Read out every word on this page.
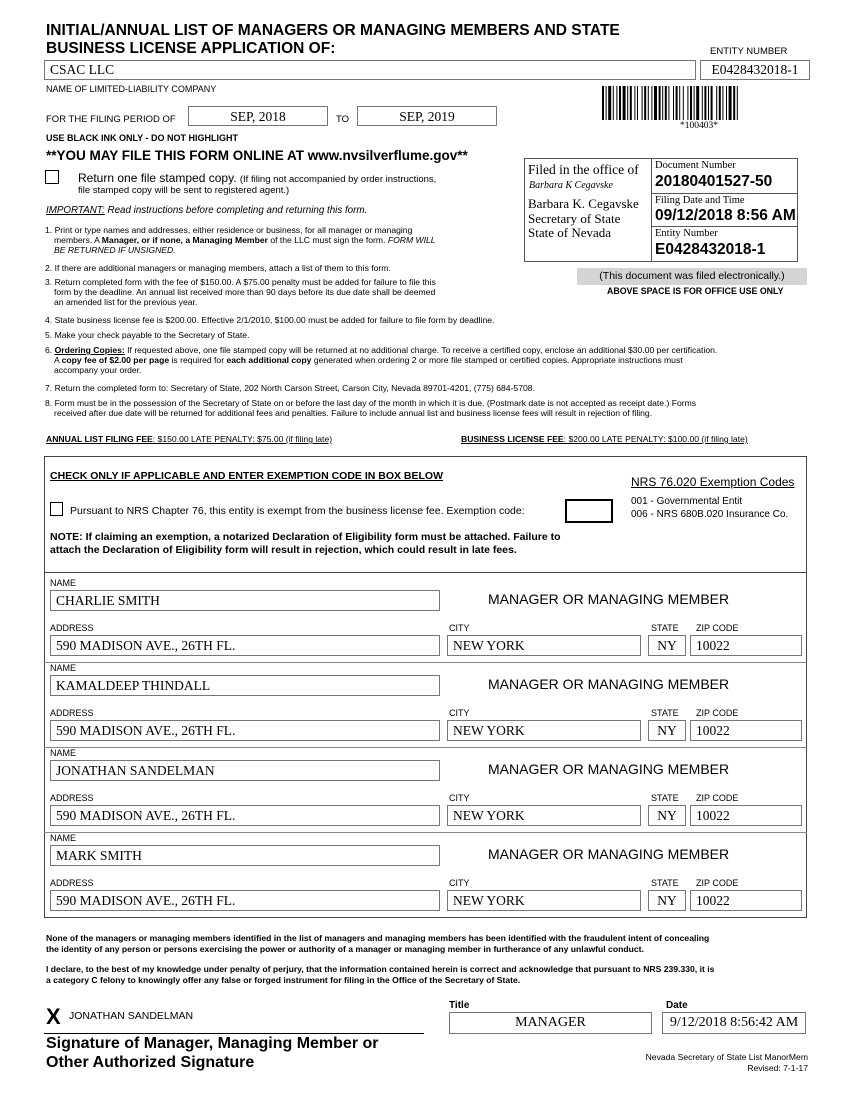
INITIAL/ANNUAL LIST OF MANAGERS OR MANAGING MEMBERS AND STATE
BUSINESS LICENSE APPLICATION OF:	ENTITY NUMBER
CSAC LLC	E0428432018-1
NAME OF LIMITED-LIABILITY COMPANY
FOR THE FILING PERIOD OF	SEP, 2018	TO	SEP, 2019
*100403*
USE BLACK INK ONLY - DO NOT HIGHLIGHT
**YOU MAY FILE THIS FORM ONLINE AT www.nvsilverflume.gov**
Return one file stamped copy. (If filing not accompanied by order instructions,
file stamped copy will be sent to registered agent.)
IMPORTANT: Read instructions before completing and returning this form.
Filed in the office of
Barbara K Cegavske
Barbara K. Cegavske
Secretary of State
State of Nevada
Document Number
20180401527-50
Filing Date and Time
09/12/2018 8:56 AM
Entity Number
E0428432018-1
(This document was filed electronically.)
ABOVE SPACE IS FOR OFFICE USE ONLY
1. Print or type names and addresses, either residence or business, for all manager or managing
members. A Manager, or if none, a Managing Member of the LLC must sign the form. FORM WILL
BE RETURNED IF UNSIGNED.
2. If there are additional managers or managing members, attach a list of them to this form.
3. Return completed form with the fee of $150.00. A $75.00 penalty must be added for failure to file this
form by the deadline. An annual list received more than 90 days before its due date shall be deemed
an amended list for the previous year.
4. State business license fee is $200.00. Effective 2/1/2010, $100.00 must be added for failure to file form by deadline.
5. Make your check payable to the Secretary of State.
6. Ordering Copies: If requested above, one file stamped copy will be returned at no additional charge. To receive a certified copy, enclose an additional $30.00 per certification.
A copy fee of $2.00 per page is required for each additional copy generated when ordering 2 or more file stamped or certified copies. Appropriate instructions must
accompany your order.
7. Return the completed form to: Secretary of State, 202 North Carson Street, Carson City, Nevada 89701-4201, (775) 684-5708.
8. Form must be in the possession of the Secretary of State on or before the last day of the month in which it is due. (Postmark date is not accepted as receipt date.) Forms
received after due date will be returned for additional fees and penalties. Failure to include annual list and business license fees will result in rejection of filing.
ANNUAL LIST FILING FEE: $150.00 LATE PENALTY: $75.00 (if filing late)	BUSINESS LICENSE FEE: $200.00 LATE PENALTY: $100.00 (if filing late)
CHECK ONLY IF APPLICABLE AND ENTER EXEMPTION CODE IN BOX BELOW	NRS 76.020 Exemption Codes
001 - Governmental Entit
006 - NRS 680B.020 Insurance Co.
Pursuant to NRS Chapter 76, this entity is exempt from the business license fee. Exemption code:
NOTE: If claiming an exemption, a notarized Declaration of Eligibility form must be attached. Failure to
attach the Declaration of Eligibility form will result in rejection, which could result in late fees.
NAME
CHARLIE SMITH	MANAGER OR MANAGING MEMBER
ADDRESS
590 MADISON AVE., 26TH FL.
CITY
NEW YORK
STATE
NY
ZIP CODE
10022
NAME
KAMALDEEP THINDALL	MANAGER OR MANAGING MEMBER
ADDRESS
590 MADISON AVE., 26TH FL.
CITY
NEW YORK
STATE
NY
ZIP CODE
10022
NAME
JONATHAN SANDELMAN	MANAGER OR MANAGING MEMBER
ADDRESS
590 MADISON AVE., 26TH FL.
CITY
NEW YORK
STATE
NY
ZIP CODE
10022
NAME
MARK SMITH	MANAGER OR MANAGING MEMBER
ADDRESS
590 MADISON AVE., 26TH FL.
CITY
NEW YORK
STATE
NY
ZIP CODE
10022
None of the managers or managing members identified in the list of managers and managing members has been identified with the fraudulent intent of concealing
the identity of any person or persons exercising the power or authority of a manager or managing member in furtherance of any unlawful conduct.
I declare, to the best of my knowledge under penalty of perjury, that the information contained herein is correct and acknowledge that pursuant to NRS 239.330, it is
a category C felony to knowingly offer any false or forged instrument for filing in the Office of the Secretary of State.
X JONATHAN SANDELMAN
Signature of Manager, Managing Member or
Other Authorized Signature
Title
MANAGER
Date
9/12/2018 8:56:42 AM
Nevada Secretary of State List ManorMem
Revised: 7-1-17
